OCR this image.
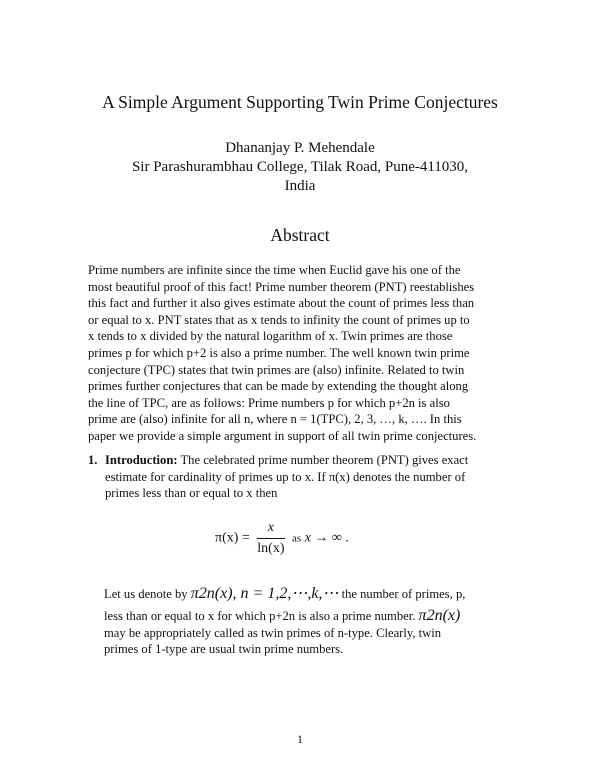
A Simple Argument Supporting Twin Prime Conjectures
Dhananjay P. Mehendale
Sir Parashurambhau College, Tilak Road, Pune-411030,
India
Abstract
Prime numbers are infinite since the time when Euclid gave his one of the
most beautiful proof of this fact! Prime number theorem (PNT) reestablishes
this fact and further it also gives estimate about the count of primes less than
or equal to x. PNT states that as x tends to infinity the count of primes up to
x tends to x divided by the natural logarithm of x. Twin primes are those
primes p for which p+2 is also a prime number. The well known twin prime
conjecture (TPC) states that twin primes are (also) infinite. Related to twin
primes further conjectures that can be made by extending the thought along
the line of TPC, are as follows: Prime numbers p for which p+2n is also
prime are (also) infinite for all n, where n = 1(TPC), 2, 3, …, k, …. In this
paper we provide a simple argument in support of all twin prime conjectures.
1. Introduction: The celebrated prime number theorem (PNT) gives exact
estimate for cardinality of primes up to x. If π(x) denotes the number of
primes less than or equal to x then
$\pi(x) = \frac{x}{\ln(x)}$ as x → ∞ .
Let us denote by π2n(x), n = 1,2,⋯,k,⋯ the number of primes, p,
less than or equal to x for which p+2n is also a prime number. π2n(x)
may be appropriately called as twin primes of n-type. Clearly, twin
primes of 1-type are usual twin prime numbers.
1
